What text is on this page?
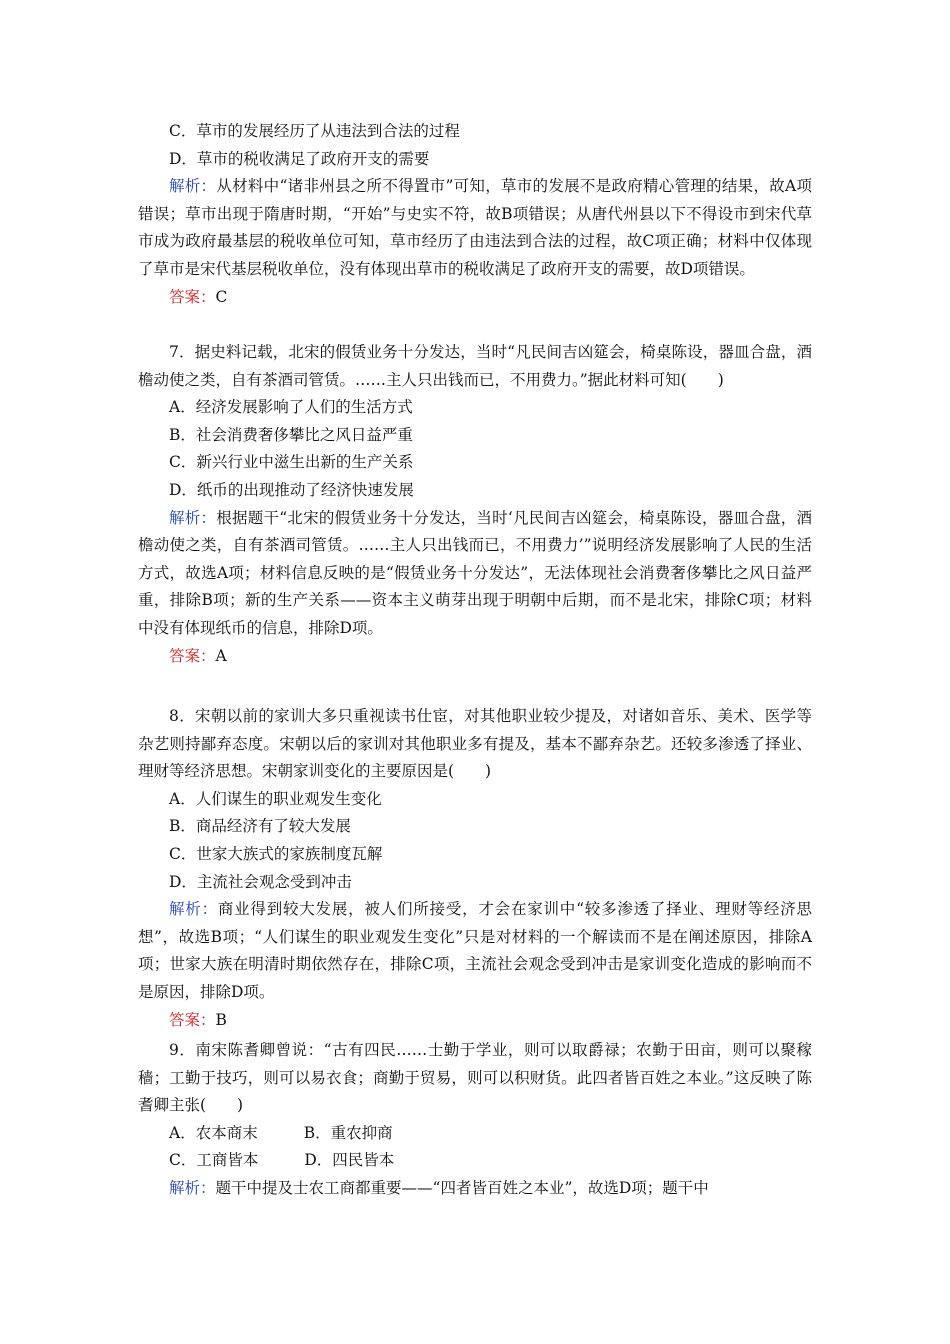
C．草市的发展经历了从违法到合法的过程

D．草市的税收满足了政府开支的需要

解析：从材料中“诸非州县之所不得置市”可知，草市的发展不是政府精心管理的结果，故A项错误；草市出现于隋唐时期，“开始”与史实不符，故B项错误；从唐代州县以下不得设市到宋代草市成为政府最基层的税收单位可知，草市经历了由违法到合法的过程，故C项正确；材料中仅体现了草市是宋代基层税收单位，没有体现出草市的税收满足了政府开支的需要，故D项错误。

答案：C

7．据史料记载，北宋的假赁业务十分发达，当时“凡民间吉凶筵会，椅桌陈设，器皿合盘，酒檐动使之类，自有茶酒司管赁。……主人只出钱而已，不用费力。”据此材料可知(　　)

A．经济发展影响了人们的生活方式

B．社会消费奢侈攀比之风日益严重

C．新兴行业中滋生出新的生产关系

D．纸币的出现推动了经济快速发展

解析：根据题干“北宋的假赁业务十分发达，当时‘凡民间吉凶筵会，椅桌陈设，器皿合盘，酒檐动使之类，自有茶酒司管赁。……主人只出钱而已，不用费力’”说明经济发展影响了人民的生活方式，故选A项；材料信息反映的是“假赁业务十分发达”，无法体现社会消费奢侈攀比之风日益严重，排除B项；新的生产关系——资本主义萌芽出现于明朝中后期，而不是北宋，排除C项；材料中没有体现纸币的信息，排除D项。

答案：A

8．宋朝以前的家训大多只重视读书仕宦，对其他职业较少提及，对诸如音乐、美术、医学等杂艺则持鄙弃态度。宋朝以后的家训对其他职业多有提及，基本不鄙弃杂艺。还较多渗透了择业、理财等经济思想。宋朝家训变化的主要原因是(　　)

A．人们谋生的职业观发生变化

B．商品经济有了较大发展

C．世家大族式的家族制度瓦解

D．主流社会观念受到冲击

解析：商业得到较大发展，被人们所接受，才会在家训中“较多渗透了择业、理财等经济思想”，故选B项；“人们谋生的职业观发生变化”只是对材料的一个解读而不是在阐述原因，排除A项；世家大族在明清时期依然存在，排除C项，主流社会观念受到冲击是家训变化造成的影响而不是原因，排除D项。

答案：B

9．南宋陈耆卿曾说：“古有四民……士勤于学业，则可以取爵禄；农勤于田亩，则可以聚稼穑；工勤于技巧，则可以易衣食；商勤于贸易，则可以积财货。此四者皆百姓之本业。”这反映了陈耆卿主张(　　)

A．农本商末	B．重农抑商

C．工商皆本	D．四民皆本

解析：题干中提及士农工商都重要——“四者皆百姓之本业”，故选D项；题干中
